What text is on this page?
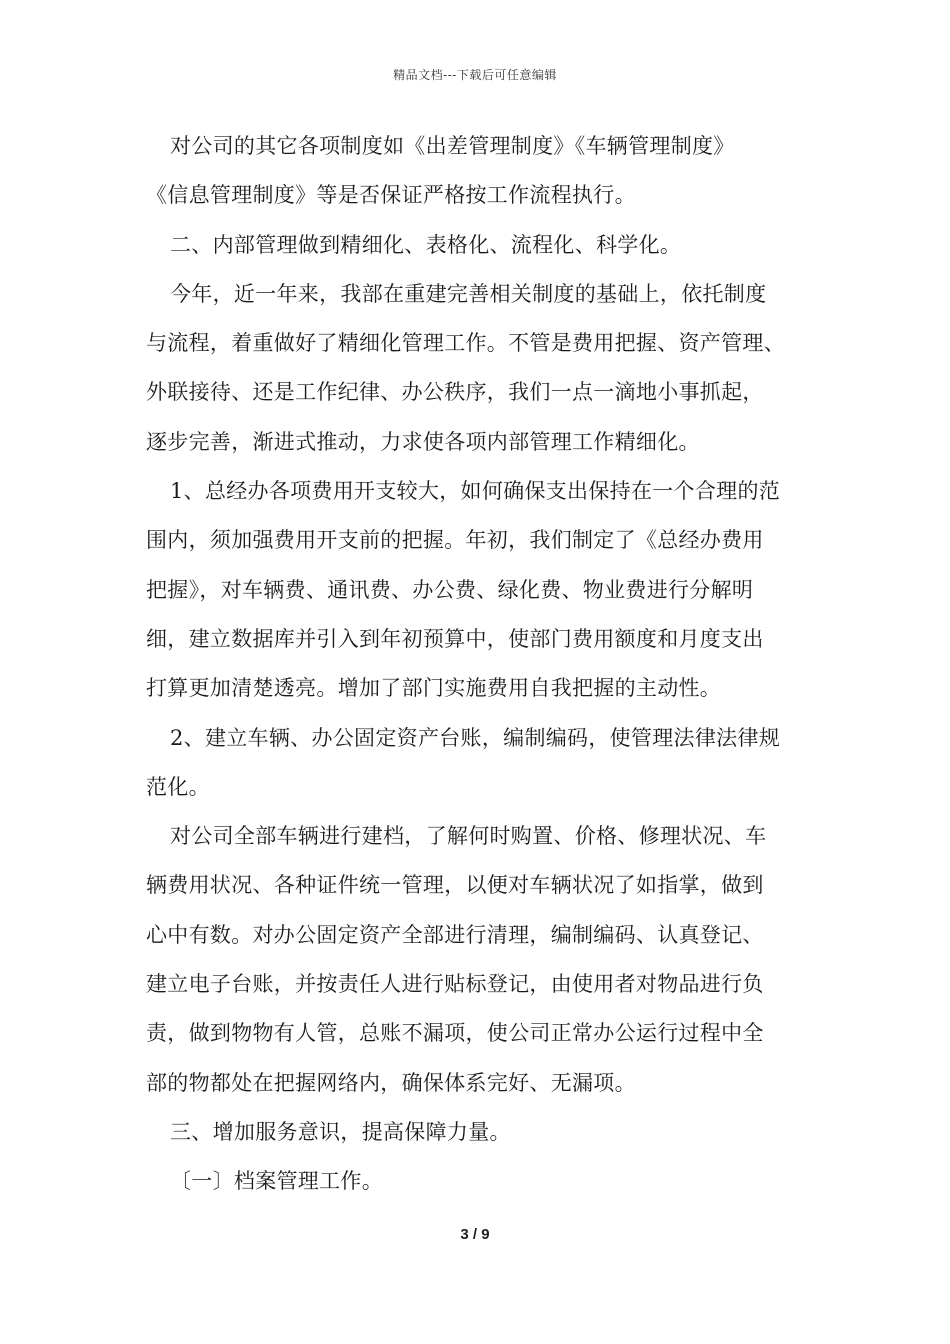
精品文档---下载后可任意编辑
对公司的其它各项制度如《出差管理制度》《车辆管理制度》
《信息管理制度》等是否保证严格按工作流程执行。
二、内部管理做到精细化、表格化、流程化、科学化。
今年，近一年来，我部在重建完善相关制度的基础上，依托制度
与流程，着重做好了精细化管理工作。不管是费用把握、资产管理、
外联接待、还是工作纪律、办公秩序，我们一点一滴地小事抓起，
逐步完善，渐进式推动，力求使各项内部管理工作精细化。
1、总经办各项费用开支较大，如何确保支出保持在一个合理的范
围内，须加强费用开支前的把握。年初，我们制定了《总经办费用
把握》，对车辆费、通讯费、办公费、绿化费、物业费进行分解明
细，建立数据库并引入到年初预算中，使部门费用额度和月度支出
打算更加清楚透亮。增加了部门实施费用自我把握的主动性。
2、建立车辆、办公固定资产台账，编制编码，使管理法律法律规
范化。
对公司全部车辆进行建档，了解何时购置、价格、修理状况、车
辆费用状况、各种证件统一管理，以便对车辆状况了如指掌，做到
心中有数。对办公固定资产全部进行清理，编制编码、认真登记、
建立电子台账，并按责任人进行贴标登记，由使用者对物品进行负
责，做到物物有人管，总账不漏项，使公司正常办公运行过程中全
部的物都处在把握网络内，确保体系完好、无漏项。
三、增加服务意识，提高保障力量。
〔一〕档案管理工作。
3 / 9
